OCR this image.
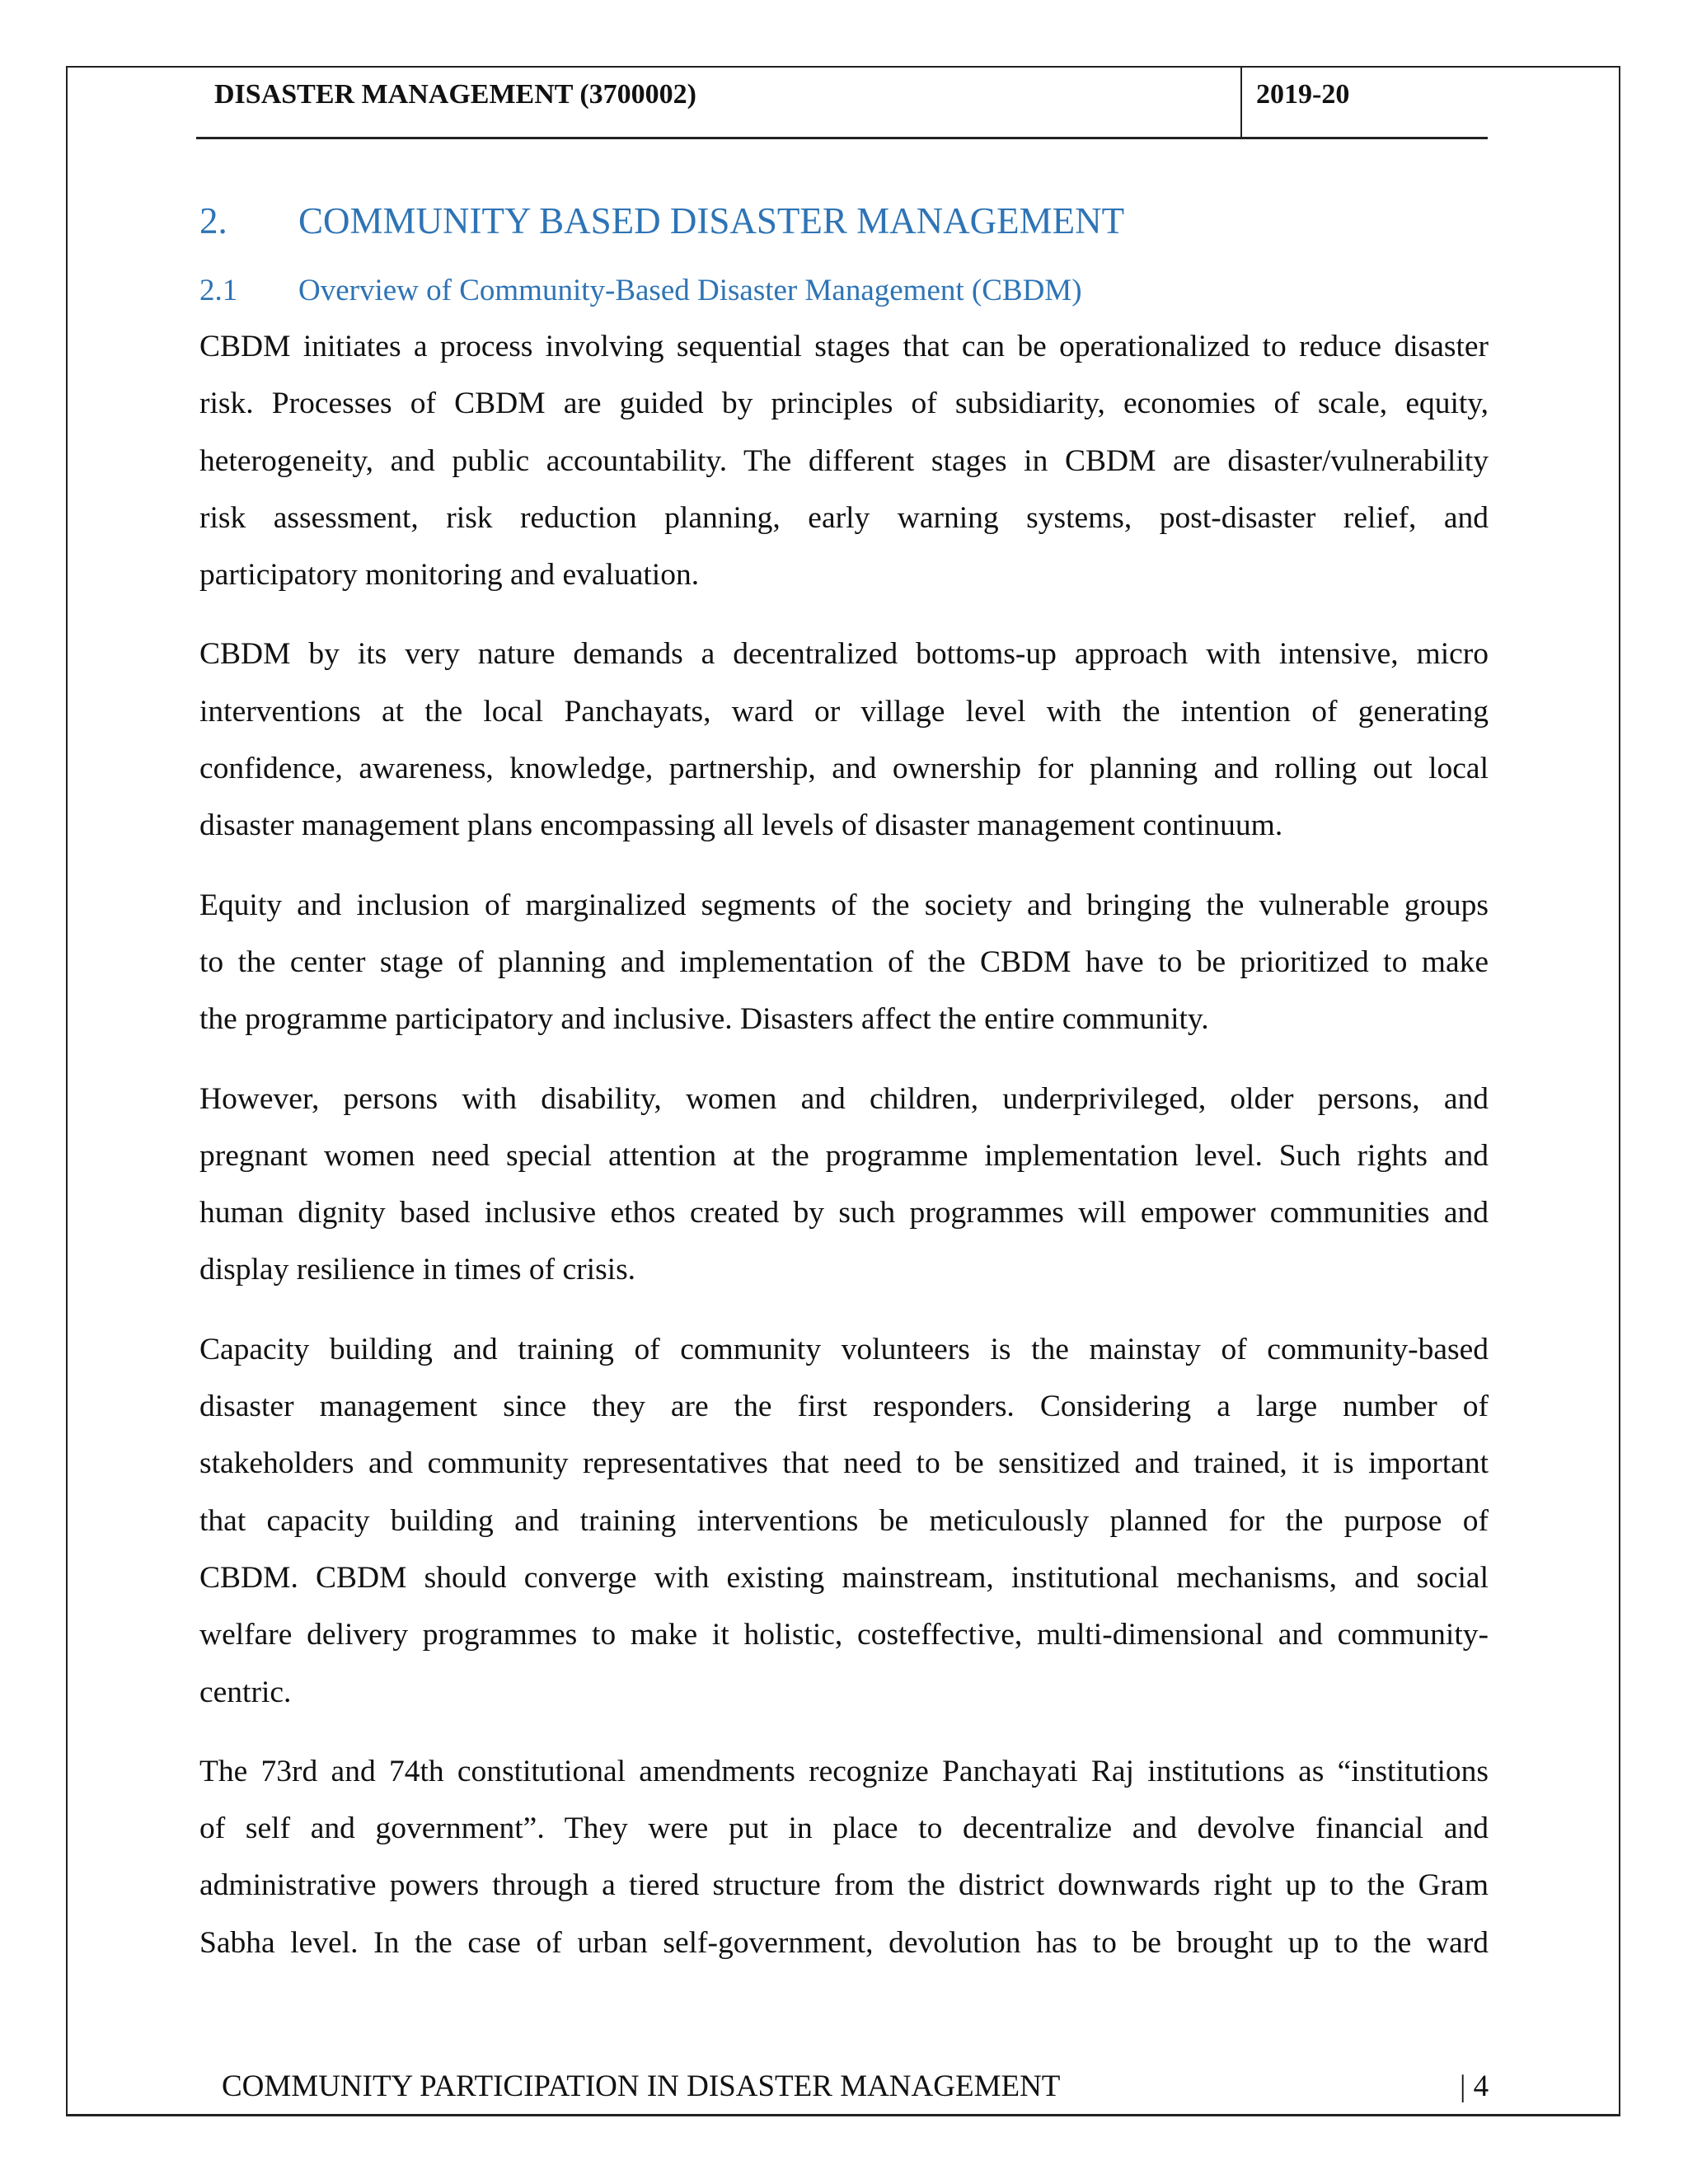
DISASTER MANAGEMENT (3700002)	2019-20
2. COMMUNITY BASED DISASTER MANAGEMENT
2.1 Overview of Community-Based Disaster Management (CBDM)
CBDM initiates a process involving sequential stages that can be operationalized to reduce disaster
risk. Processes of CBDM are guided by principles of subsidiarity, economies of scale, equity,
heterogeneity, and public accountability. The different stages in CBDM are disaster/vulnerability
risk assessment, risk reduction planning, early warning systems, post-disaster relief, and
participatory monitoring and evaluation.
CBDM by its very nature demands a decentralized bottoms-up approach with intensive, micro
interventions at the local Panchayats, ward or village level with the intention of generating
confidence, awareness, knowledge, partnership, and ownership for planning and rolling out local
disaster management plans encompassing all levels of disaster management continuum.
Equity and inclusion of marginalized segments of the society and bringing the vulnerable groups
to the center stage of planning and implementation of the CBDM have to be prioritized to make
the programme participatory and inclusive. Disasters affect the entire community.
However, persons with disability, women and children, underprivileged, older persons, and
pregnant women need special attention at the programme implementation level. Such rights and
human dignity based inclusive ethos created by such programmes will empower communities and
display resilience in times of crisis.
Capacity building and training of community volunteers is the mainstay of community-based
disaster management since they are the first responders. Considering a large number of
stakeholders and community representatives that need to be sensitized and trained, it is important
that capacity building and training interventions be meticulously planned for the purpose of
CBDM. CBDM should converge with existing mainstream, institutional mechanisms, and social
welfare delivery programmes to make it holistic, costeffective, multi-dimensional and community-
centric.
The 73rd and 74th constitutional amendments recognize Panchayati Raj institutions as “institutions
of self and government”. They were put in place to decentralize and devolve financial and
administrative powers through a tiered structure from the district downwards right up to the Gram
Sabha level. In the case of urban self-government, devolution has to be brought up to the ward
COMMUNITY PARTICIPATION IN DISASTER MANAGEMENT	| 4
